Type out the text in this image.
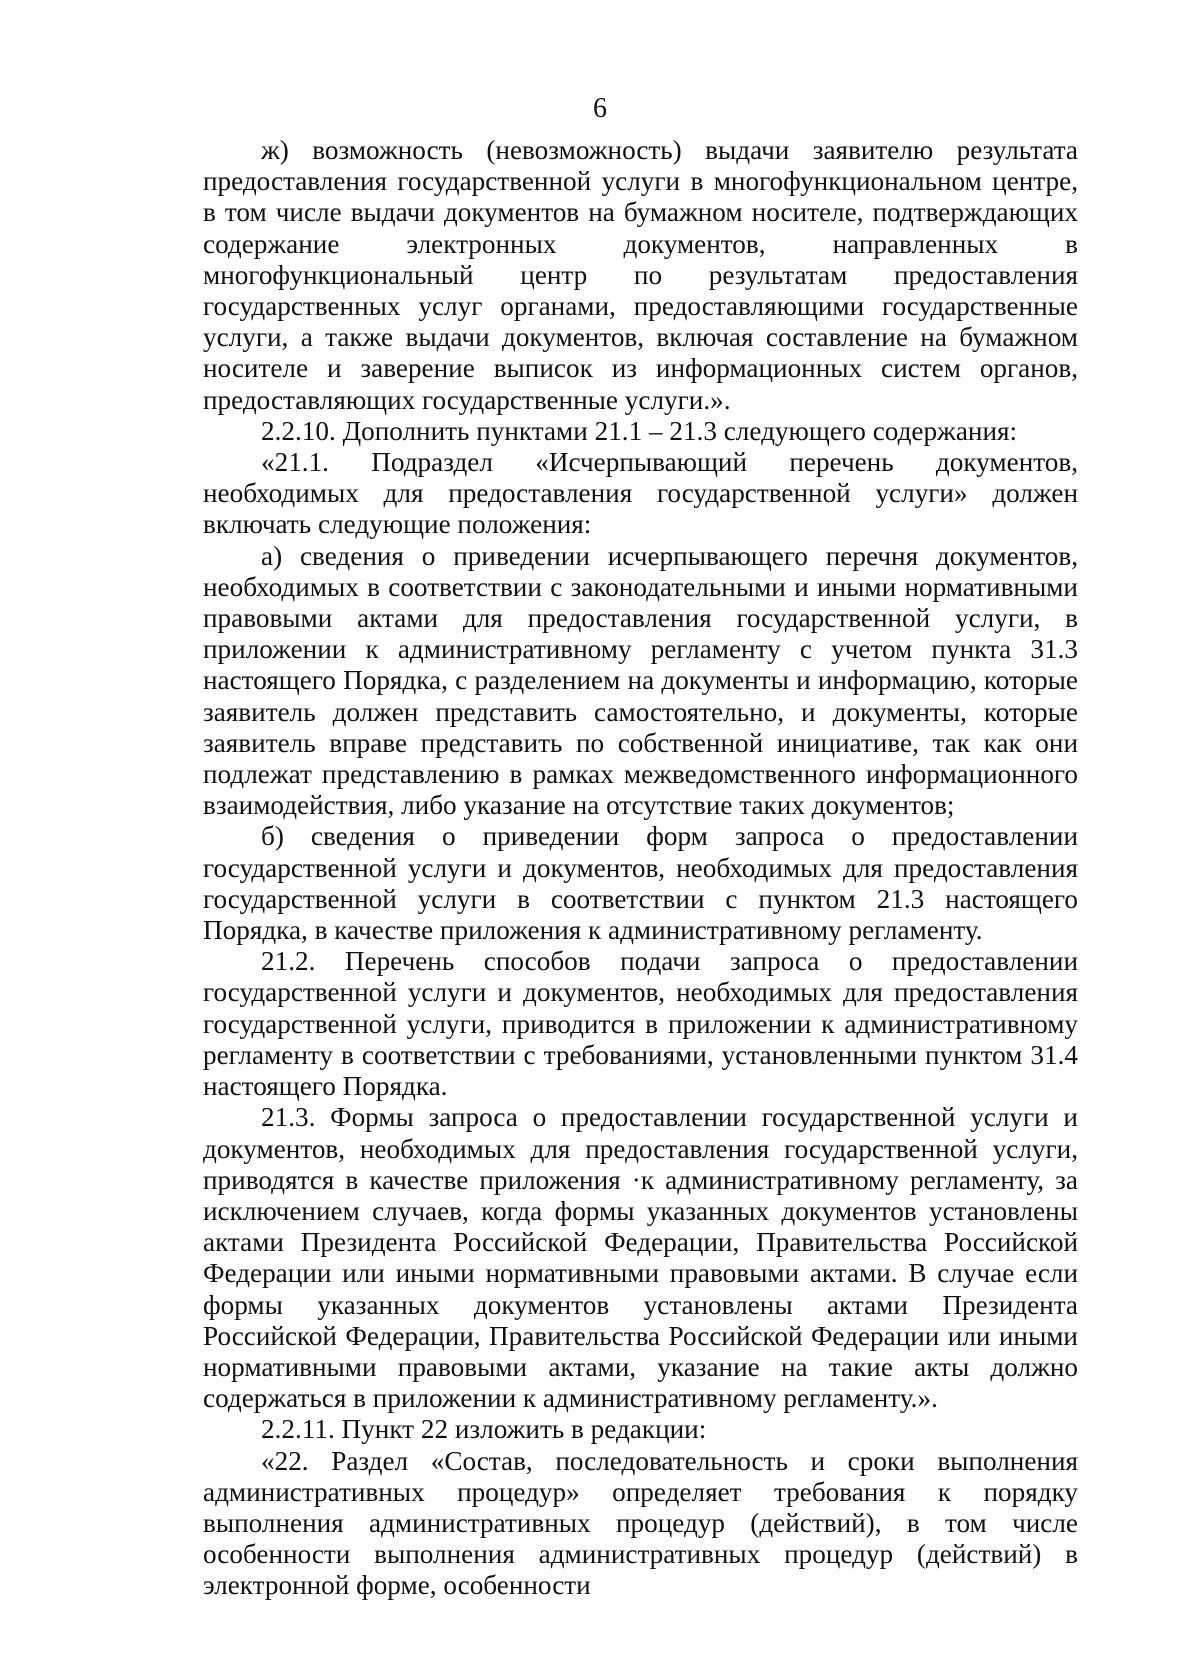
6

ж) возможность (невозможность) выдачи заявителю результата предоставления государственной услуги в многофункциональном центре, в том числе выдачи документов на бумажном носителе, подтверждающих содержание электронных документов, направленных в многофункциональный центр по результатам предоставления государственных услуг органами, предоставляющими государственные услуги, а также выдачи документов, включая составление на бумажном носителе и заверение выписок из информационных систем органов, предоставляющих государственные услуги.».

2.2.10. Дополнить пунктами 21.1 – 21.3 следующего содержания:

«21.1. Подраздел «Исчерпывающий перечень документов, необходимых для предоставления государственной услуги» должен включать следующие положения:

а) сведения о приведении исчерпывающего перечня документов, необходимых в соответствии с законодательными и иными нормативными правовыми актами для предоставления государственной услуги, в приложении к административному регламенту с учетом пункта 31.3 настоящего Порядка, с разделением на документы и информацию, которые заявитель должен представить самостоятельно, и документы, которые заявитель вправе представить по собственной инициативе, так как они подлежат представлению в рамках межведомственного информационного взаимодействия, либо указание на отсутствие таких документов;

б) сведения о приведении форм запроса о предоставлении государственной услуги и документов, необходимых для предоставления государственной услуги в соответствии с пунктом 21.3 настоящего Порядка, в качестве приложения к административному регламенту.

21.2. Перечень способов подачи запроса о предоставлении государственной услуги и документов, необходимых для предоставления государственной услуги, приводится в приложении к административному регламенту в соответствии с требованиями, установленными пунктом 31.4 настоящего Порядка.

21.3. Формы запроса о предоставлении государственной услуги и документов, необходимых для предоставления государственной услуги, приводятся в качестве приложения ·к административному регламенту, за исключением случаев, когда формы указанных документов установлены актами Президента Российской Федерации, Правительства Российской Федерации или иными нормативными правовыми актами. В случае если формы указанных документов установлены актами Президента Российской Федерации, Правительства Российской Федерации или иными нормативными правовыми актами, указание на такие акты должно содержаться в приложении к административному регламенту.».

2.2.11. Пункт 22 изложить в редакции:

«22. Раздел «Состав, последовательность и сроки выполнения административных процедур» определяет требования к порядку выполнения административных процедур (действий), в том числе особенности выполнения административных процедур (действий) в электронной форме, особенности
